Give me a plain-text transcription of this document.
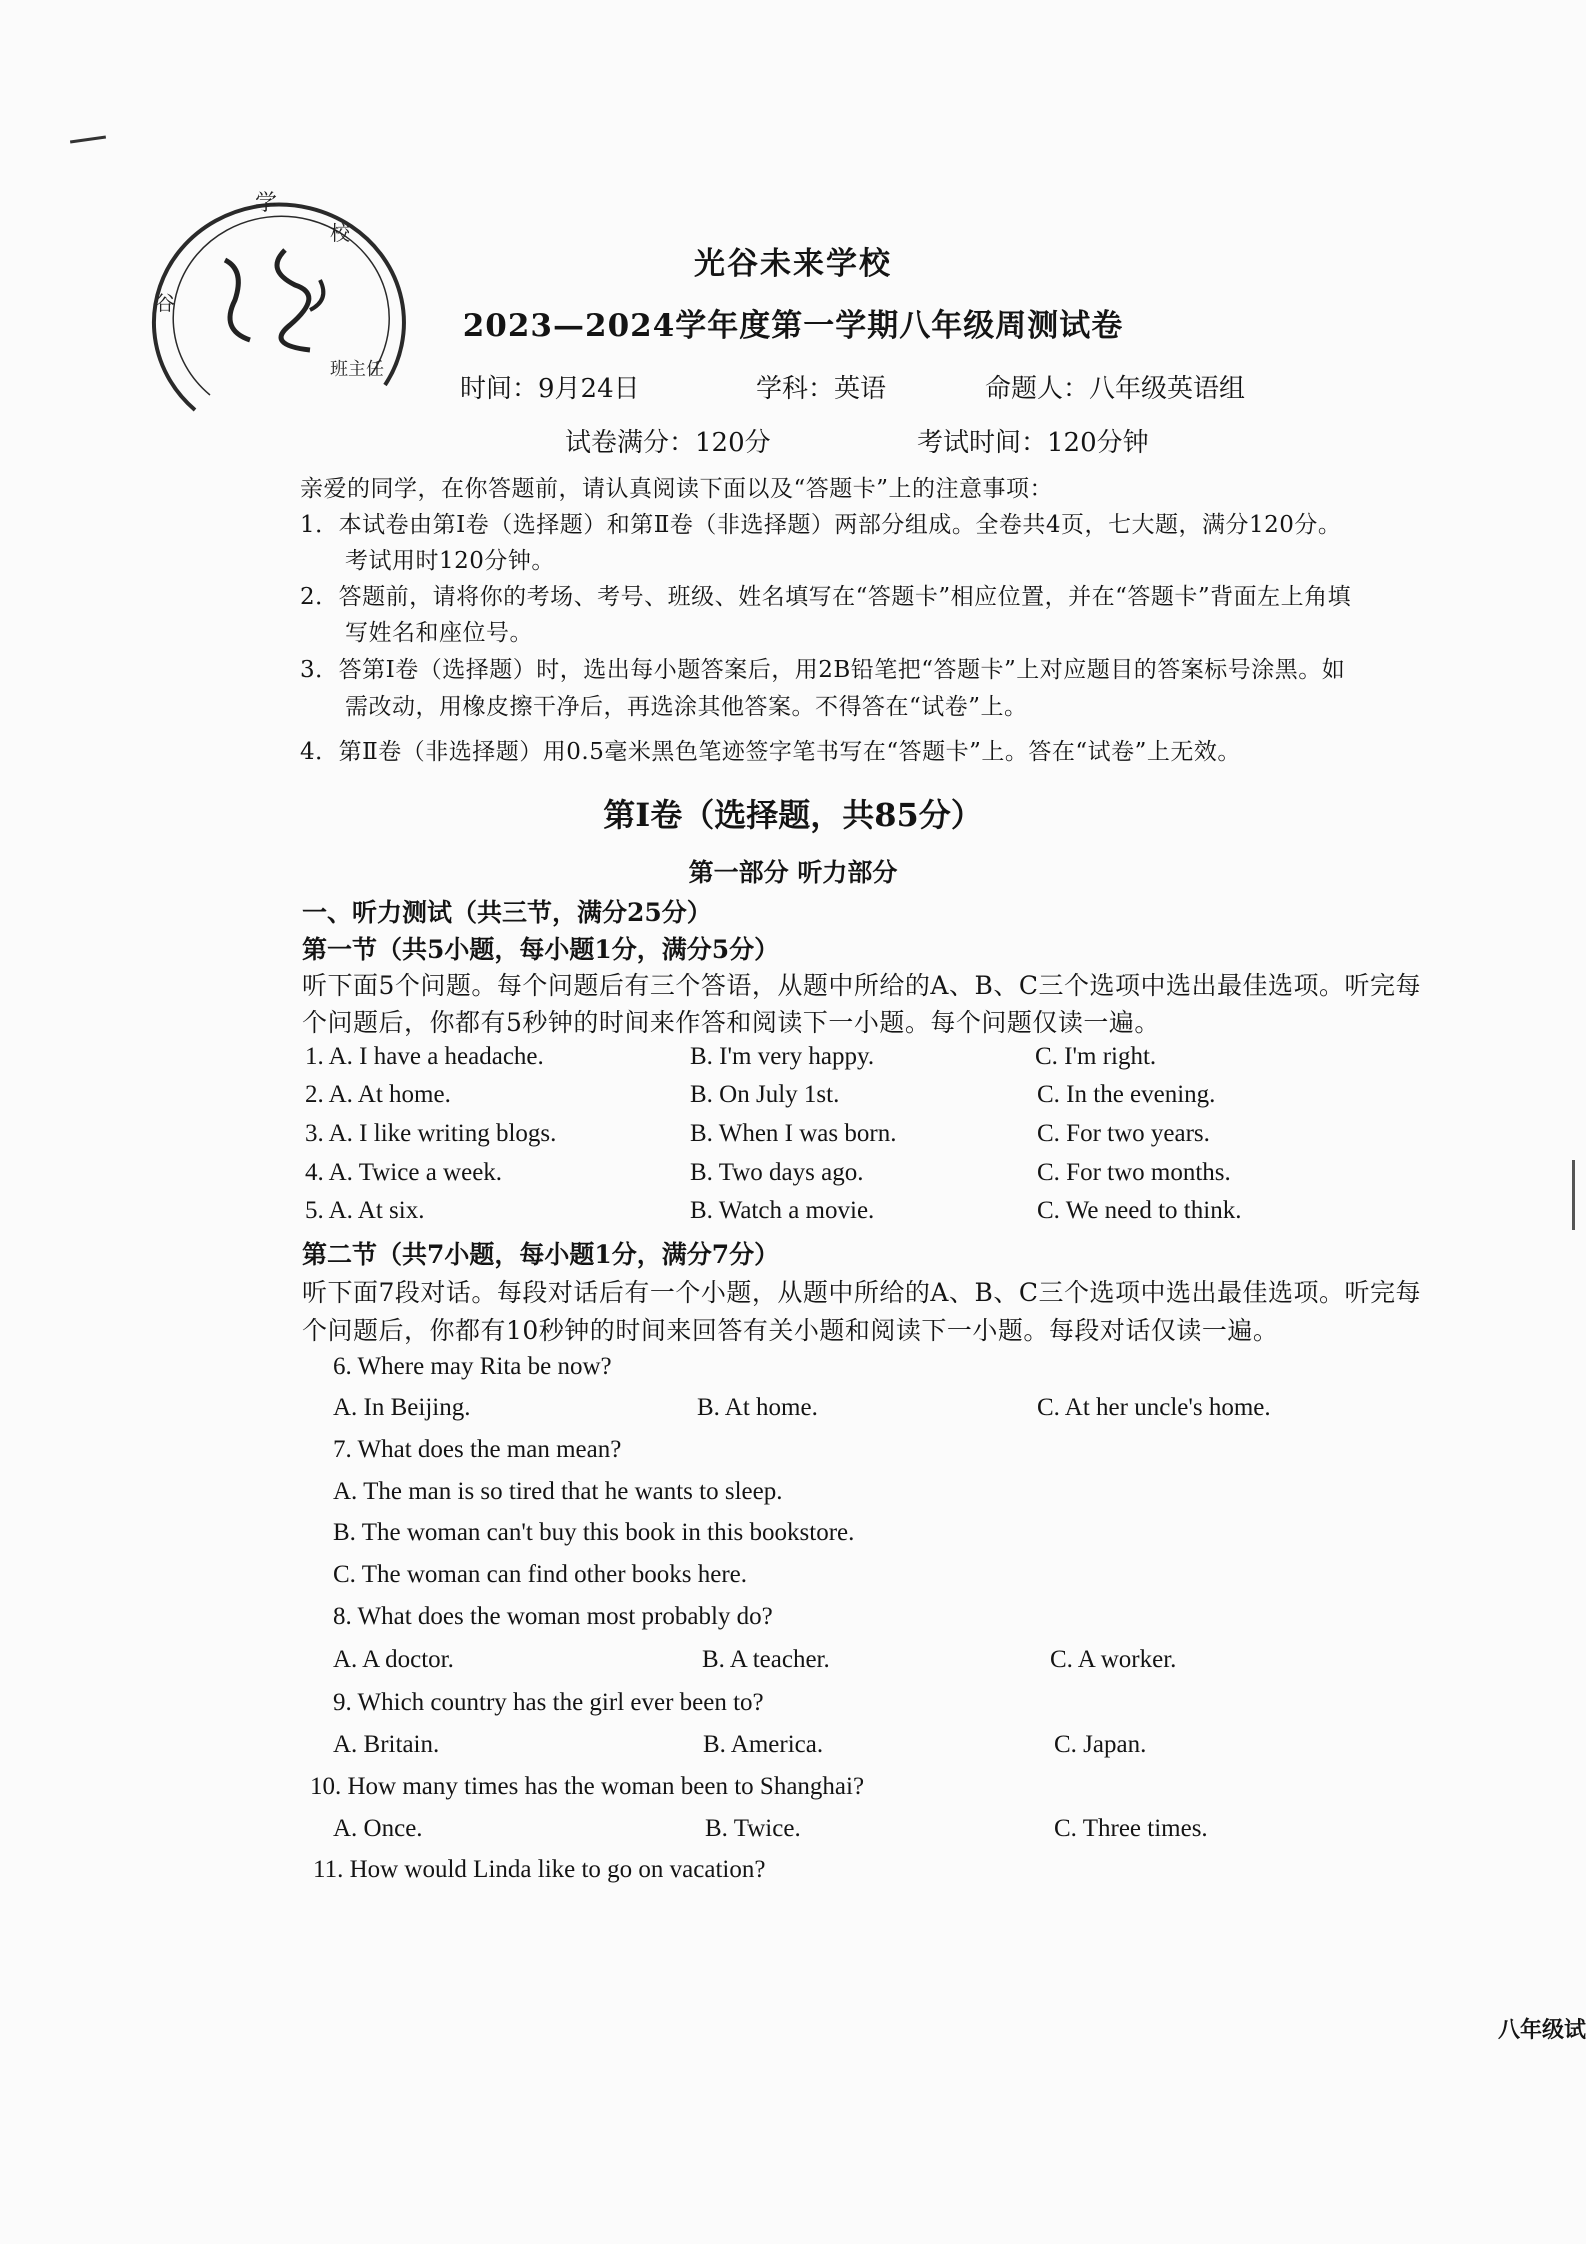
学
校
谷
班主任
光谷未来学校
2023—2024学年度第一学期八年级周测试卷
时间：9月24日	学科：英语	命题人：八年级英语组
试卷满分：120分	考试时间：120分钟
亲爱的同学，在你答题前，请认真阅读下面以及“答题卡”上的注意事项：
1．本试卷由第Ⅰ卷（选择题）和第Ⅱ卷（非选择题）两部分组成。全卷共4页，七大题，满分120分。
考试用时120分钟。
2．答题前，请将你的考场、考号、班级、姓名填写在“答题卡”相应位置，并在“答题卡”背面左上角填
写姓名和座位号。
3．答第Ⅰ卷（选择题）时，选出每小题答案后，用2B铅笔把“答题卡”上对应题目的答案标号涂黑。如
需改动，用橡皮擦干净后，再选涂其他答案。不得答在“试卷”上。
4．第Ⅱ卷（非选择题）用0.5毫米黑色笔迹签字笔书写在“答题卡”上。答在“试卷”上无效。
第Ⅰ卷（选择题，共85分）
第一部分 听力部分
一、听力测试（共三节，满分25分）
第一节（共5小题，每小题1分，满分5分）
听下面5个问题。每个问题后有三个答语，从题中所给的A、B、C三个选项中选出最佳选项。听完每
个问题后，你都有5秒钟的时间来作答和阅读下一小题。每个问题仅读一遍。
1. A. I have a headache.	B. I'm very happy.	C. I'm right.
2. A. At home.	B. On July 1st.	C. In the evening.
3. A. I like writing blogs.	B. When I was born.	C. For two years.
4. A. Twice a week.	B. Two days ago.	C. For two months.
5. A. At six.	B. Watch a movie.	C. We need to think.
第二节（共7小题，每小题1分，满分7分）
听下面7段对话。每段对话后有一个小题，从题中所给的A、B、C三个选项中选出最佳选项。听完每
个问题后，你都有10秒钟的时间来回答有关小题和阅读下一小题。每段对话仅读一遍。
6. Where may Rita be now?
A. In Beijing.	B. At home.	C. At her uncle's home.
7. What does the man mean?
A. The man is so tired that he wants to sleep.
B. The woman can't buy this book in this bookstore.
C. The woman can find other books here.
8. What does the woman most probably do?
A. A doctor.	B. A teacher.	C. A worker.
9. Which country has the girl ever been to?
A. Britain.	B. America.	C. Japan.
10. How many times has the woman been to Shanghai?
A. Once.	B. Twice.	C. Three times.
11. How would Linda like to go on vacation?
八年级试
